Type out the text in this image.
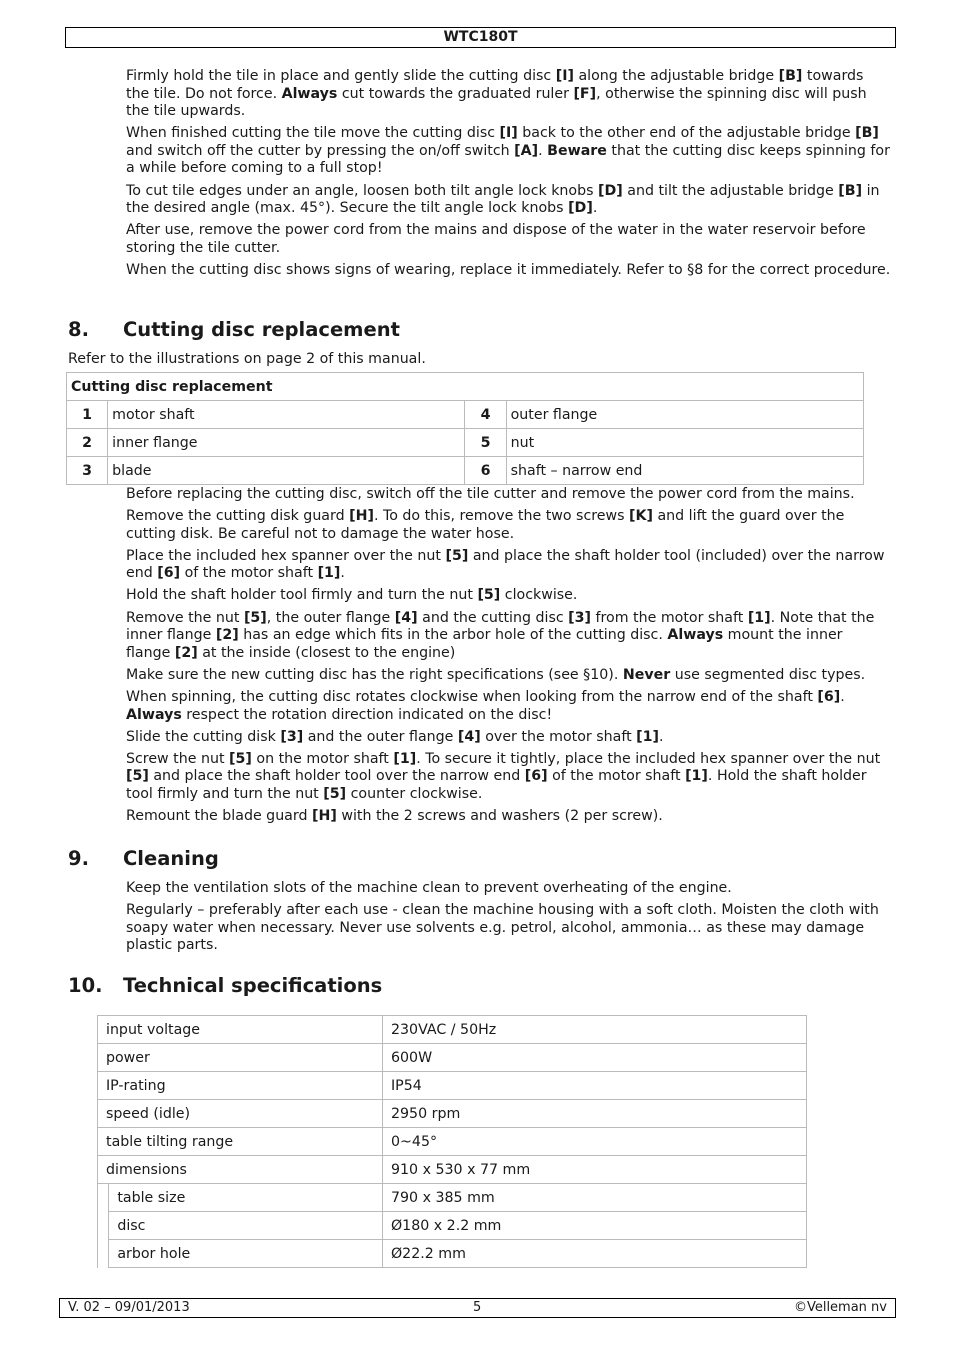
WTC180T

Firmly hold the tile in place and gently slide the cutting disc [I] along the adjustable bridge [B] towards the tile. Do not force. Always cut towards the graduated ruler [F], otherwise the spinning disc will push the tile upwards.

When finished cutting the tile move the cutting disc [I] back to the other end of the adjustable bridge [B] and switch off the cutter by pressing the on/off switch [A]. Beware that the cutting disc keeps spinning for a while before coming to a full stop!

To cut tile edges under an angle, loosen both tilt angle lock knobs [D] and tilt the adjustable bridge [B] in the desired angle (max. 45°). Secure the tilt angle lock knobs [D].

After use, remove the power cord from the mains and dispose of the water in the water reservoir before storing the tile cutter.

When the cutting disc shows signs of wearing, replace it immediately. Refer to §8 for the correct procedure.

8. Cutting disc replacement

Refer to the illustrations on page 2 of this manual.

Cutting disc replacement			
1	motor shaft	4	outer flange
2	inner flange	5	nut
3	blade	6	shaft – narrow end

Before replacing the cutting disc, switch off the tile cutter and remove the power cord from the mains.

Remove the cutting disk guard [H]. To do this, remove the two screws [K] and lift the guard over the cutting disk. Be careful not to damage the water hose.

Place the included hex spanner over the nut [5] and place the shaft holder tool (included) over the narrow end [6] of the motor shaft [1].

Hold the shaft holder tool firmly and turn the nut [5] clockwise.

Remove the nut [5], the outer flange [4] and the cutting disc [3] from the motor shaft [1]. Note that the inner flange [2] has an edge which fits in the arbor hole of the cutting disc. Always mount the inner flange [2] at the inside (closest to the engine)

Make sure the new cutting disc has the right specifications (see §10). Never use segmented disc types.

When spinning, the cutting disc rotates clockwise when looking from the narrow end of the shaft [6]. Always respect the rotation direction indicated on the disc!

Slide the cutting disk [3] and the outer flange [4] over the motor shaft [1].

Screw the nut [5] on the motor shaft [1]. To secure it tightly, place the included hex spanner over the nut [5] and place the shaft holder tool over the narrow end [6] of the motor shaft [1]. Hold the shaft holder tool firmly and turn the nut [5] counter clockwise.

Remount the blade guard [H] with the 2 screws and washers (2 per screw).

9. Cleaning

Keep the ventilation slots of the machine clean to prevent overheating of the engine.

Regularly – preferably after each use - clean the machine housing with a soft cloth. Moisten the cloth with soapy water when necessary. Never use solvents e.g. petrol, alcohol, ammonia… as these may damage plastic parts.

10. Technical specifications
input voltage		230VAC / 50Hz
power		600W
IP-rating		IP54
speed (idle)		2950 rpm
table tilting range		0~45°
dimensions		910 x 530 x 77 mm
	table size	790 x 385 mm
	disc	Ø180 x 2.2 mm
	arbor hole	Ø22.2 mm
V. 02 – 09/01/2013	5	©Velleman nv
